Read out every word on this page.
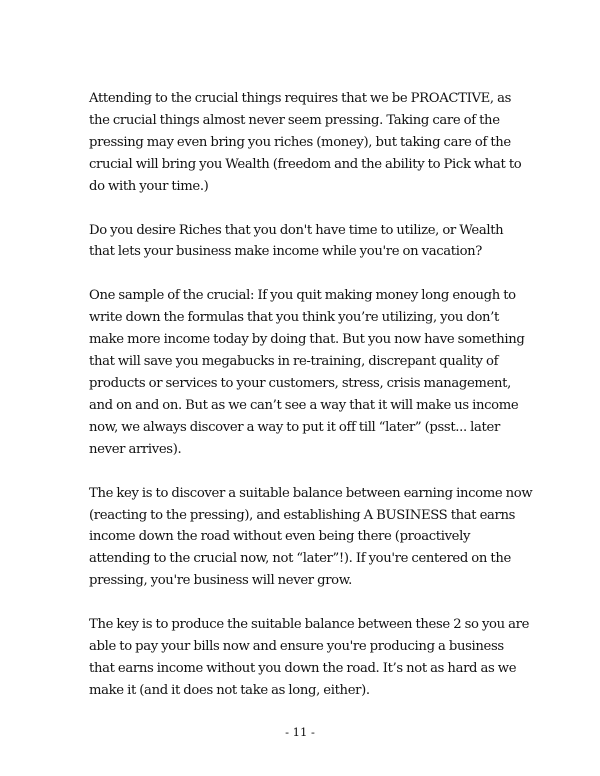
Attending to the crucial things requires that we be PROACTIVE, as
the crucial things almost never seem pressing. Taking care of the
pressing may even bring you riches (money), but taking care of the
crucial will bring you Wealth (freedom and the ability to Pick what to
do with your time.)

Do you desire Riches that you don't have time to utilize, or Wealth
that lets your business make income while you're on vacation?

One sample of the crucial: If you quit making money long enough to
write down the formulas that you think you’re utilizing, you don’t
make more income today by doing that. But you now have something
that will save you megabucks in re-training, discrepant quality of
products or services to your customers, stress, crisis management,
and on and on. But as we can’t see a way that it will make us income
now, we always discover a way to put it off till “later” (psst... later
never arrives).

The key is to discover a suitable balance between earning income now
(reacting to the pressing), and establishing A BUSINESS that earns
income down the road without even being there (proactively
attending to the crucial now, not “later”!). If you're centered on the
pressing, you're business will never grow.

The key is to produce the suitable balance between these 2 so you are
able to pay your bills now and ensure you're producing a business
that earns income without you down the road. It’s not as hard as we
make it (and it does not take as long, either).

- 11 -
